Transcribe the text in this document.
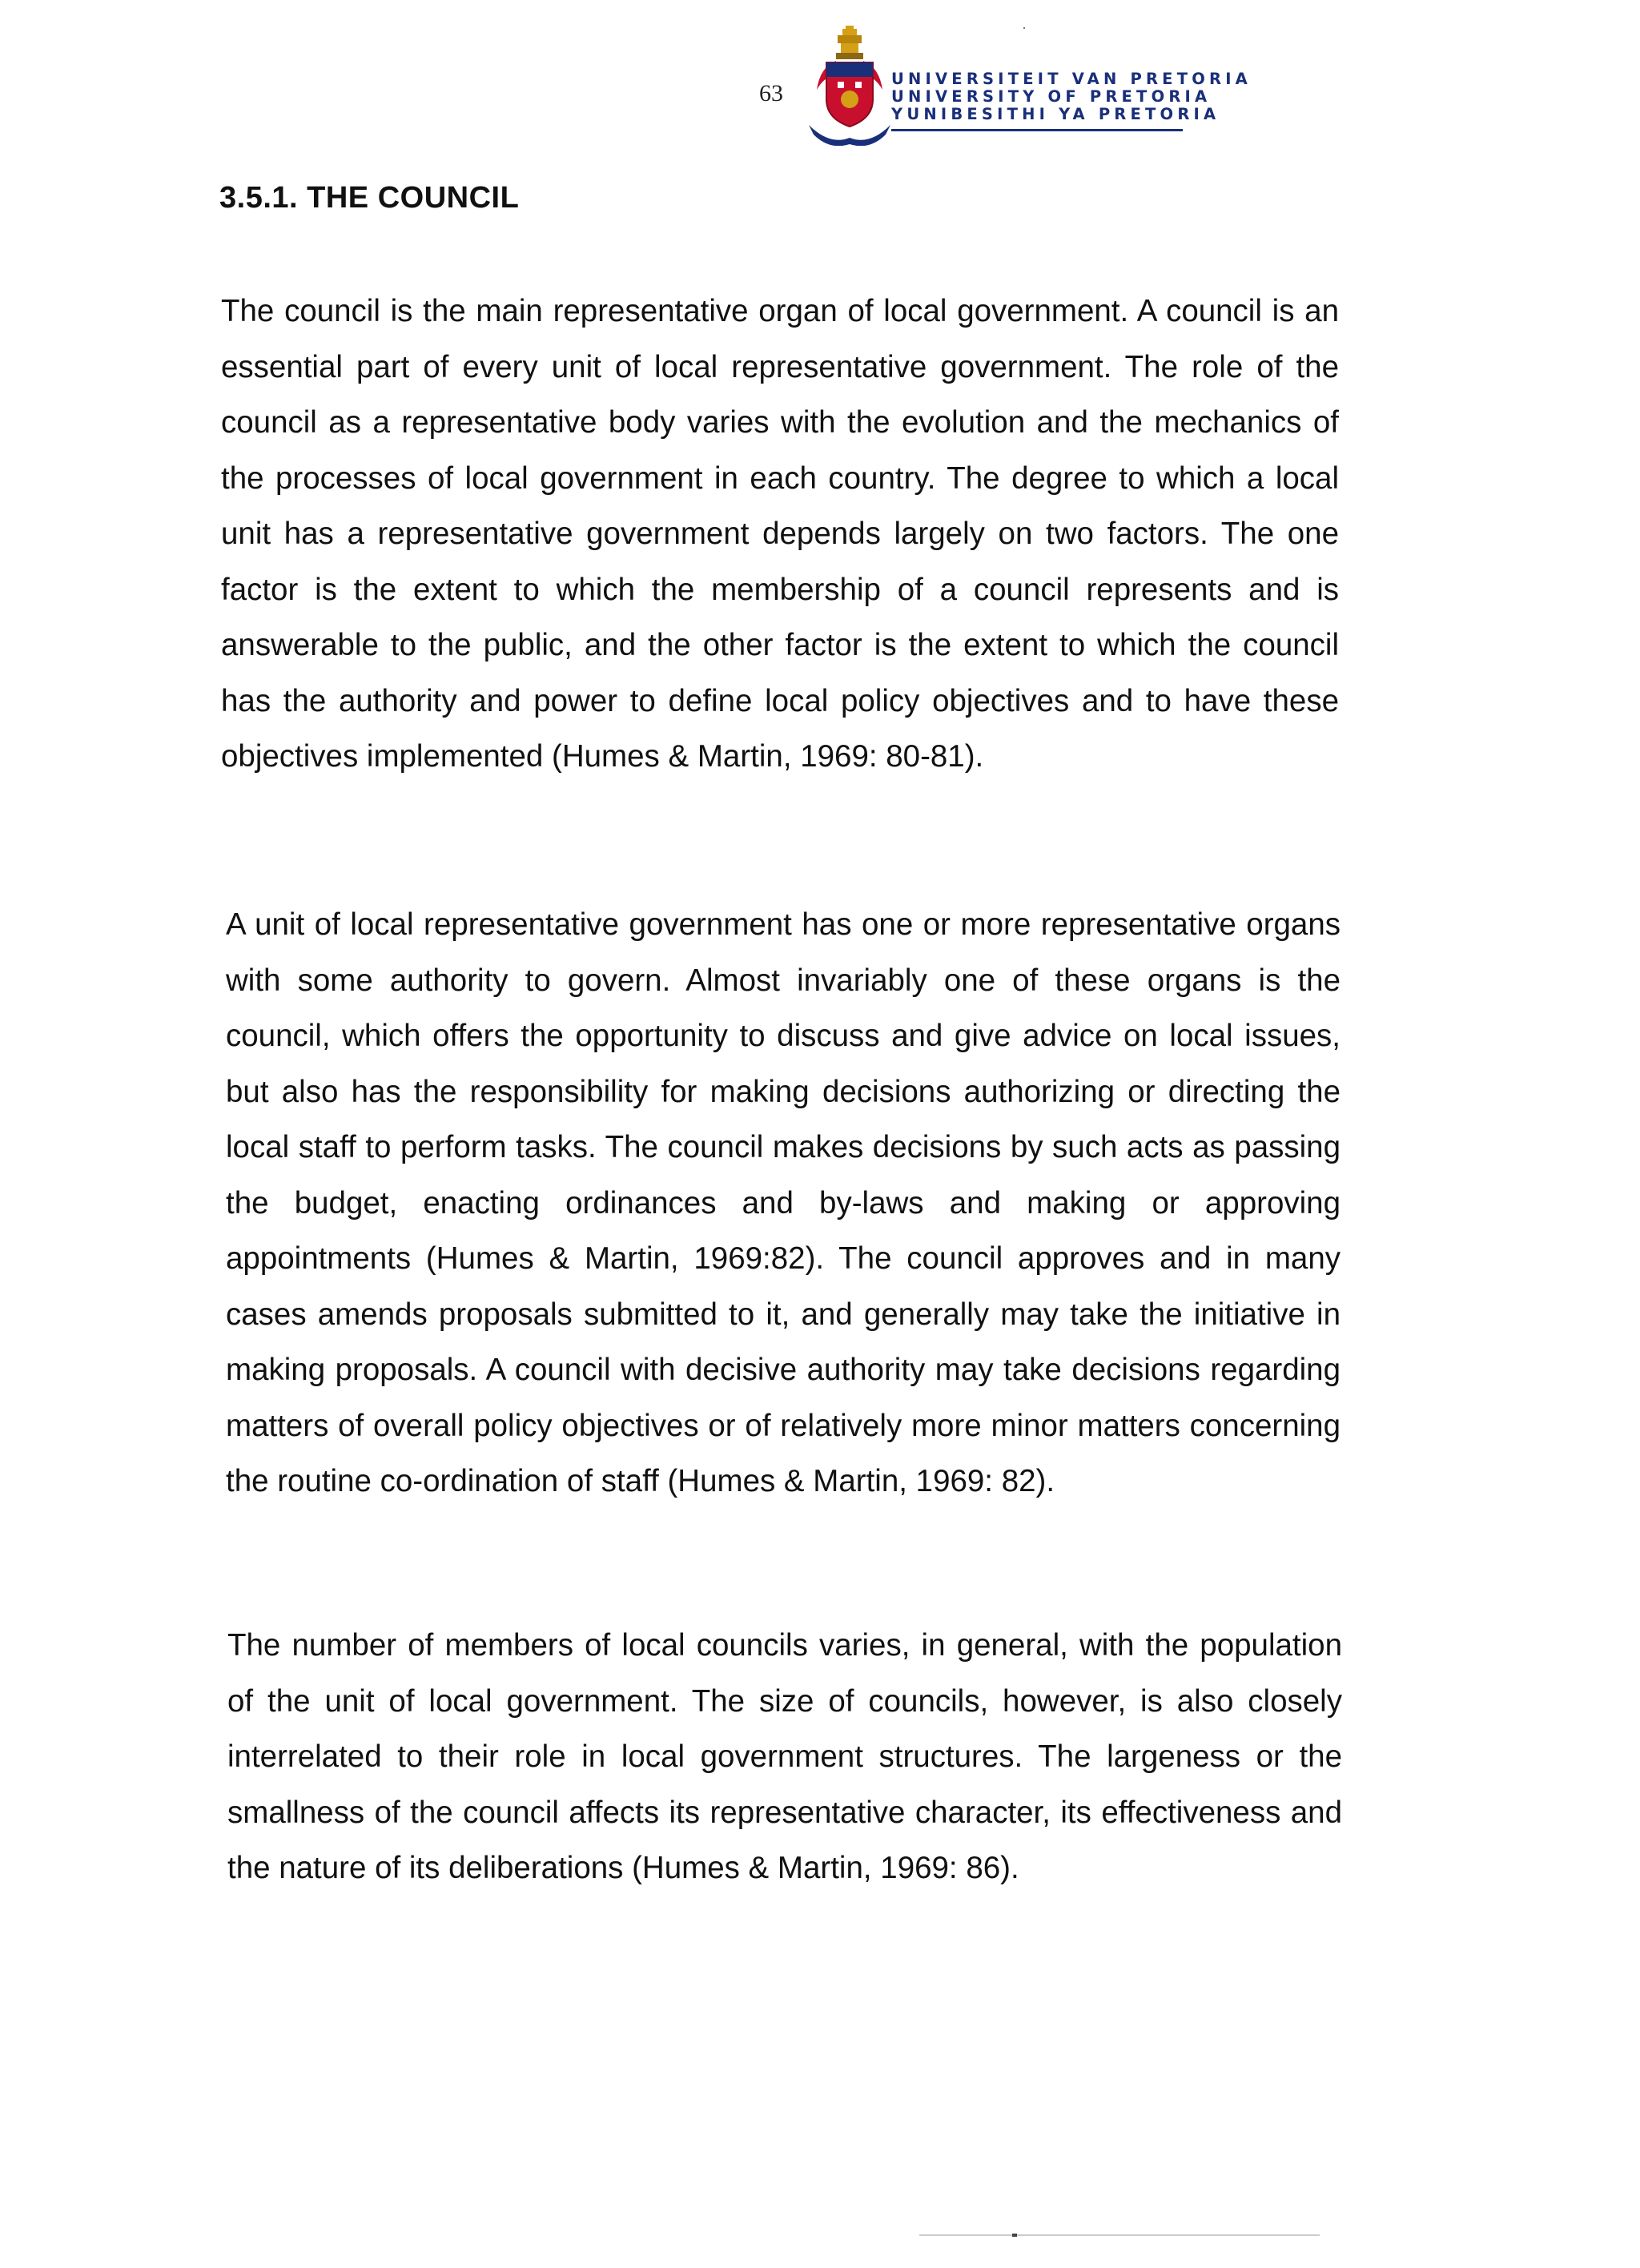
63
UNIVERSITEIT VAN PRETORIA
UNIVERSITY OF PRETORIA
YUNIBESITHI YA PRETORIA
3.5.1. THE COUNCIL

The council is the main representative organ of local government. A council is an essential part of every unit of local representative government. The role of the council as a representative body varies with the evolution and the mechanics of the processes of local government in each country. The degree to which a local unit has a representative government depends largely on two factors. The one factor is the extent to which the membership of a council represents and is answerable to the public, and the other factor is the extent to which the council has the authority and power to define local policy objectives and to have these objectives implemented (Humes & Martin, 1969: 80-81).

A unit of local representative government has one or more representative organs with some authority to govern. Almost invariably one of these organs is the council, which offers the opportunity to discuss and give advice on local issues, but also has the responsibility for making decisions authorizing or directing the local staff to perform tasks. The council makes decisions by such acts as passing the budget, enacting ordinances and by-laws and making or approving appointments (Humes & Martin, 1969:82). The council approves and in many cases amends proposals submitted to it, and generally may take the initiative in making proposals. A council with decisive authority may take decisions regarding matters of overall policy objectives or of relatively more minor matters concerning the routine co-ordination of staff (Humes & Martin, 1969: 82).

The number of members of local councils varies, in general, with the population of the unit of local government. The size of councils, however, is also closely interrelated to their role in local government structures. The largeness or the smallness of the council affects its representative character, its effectiveness and the nature of its deliberations (Humes & Martin, 1969: 86).
